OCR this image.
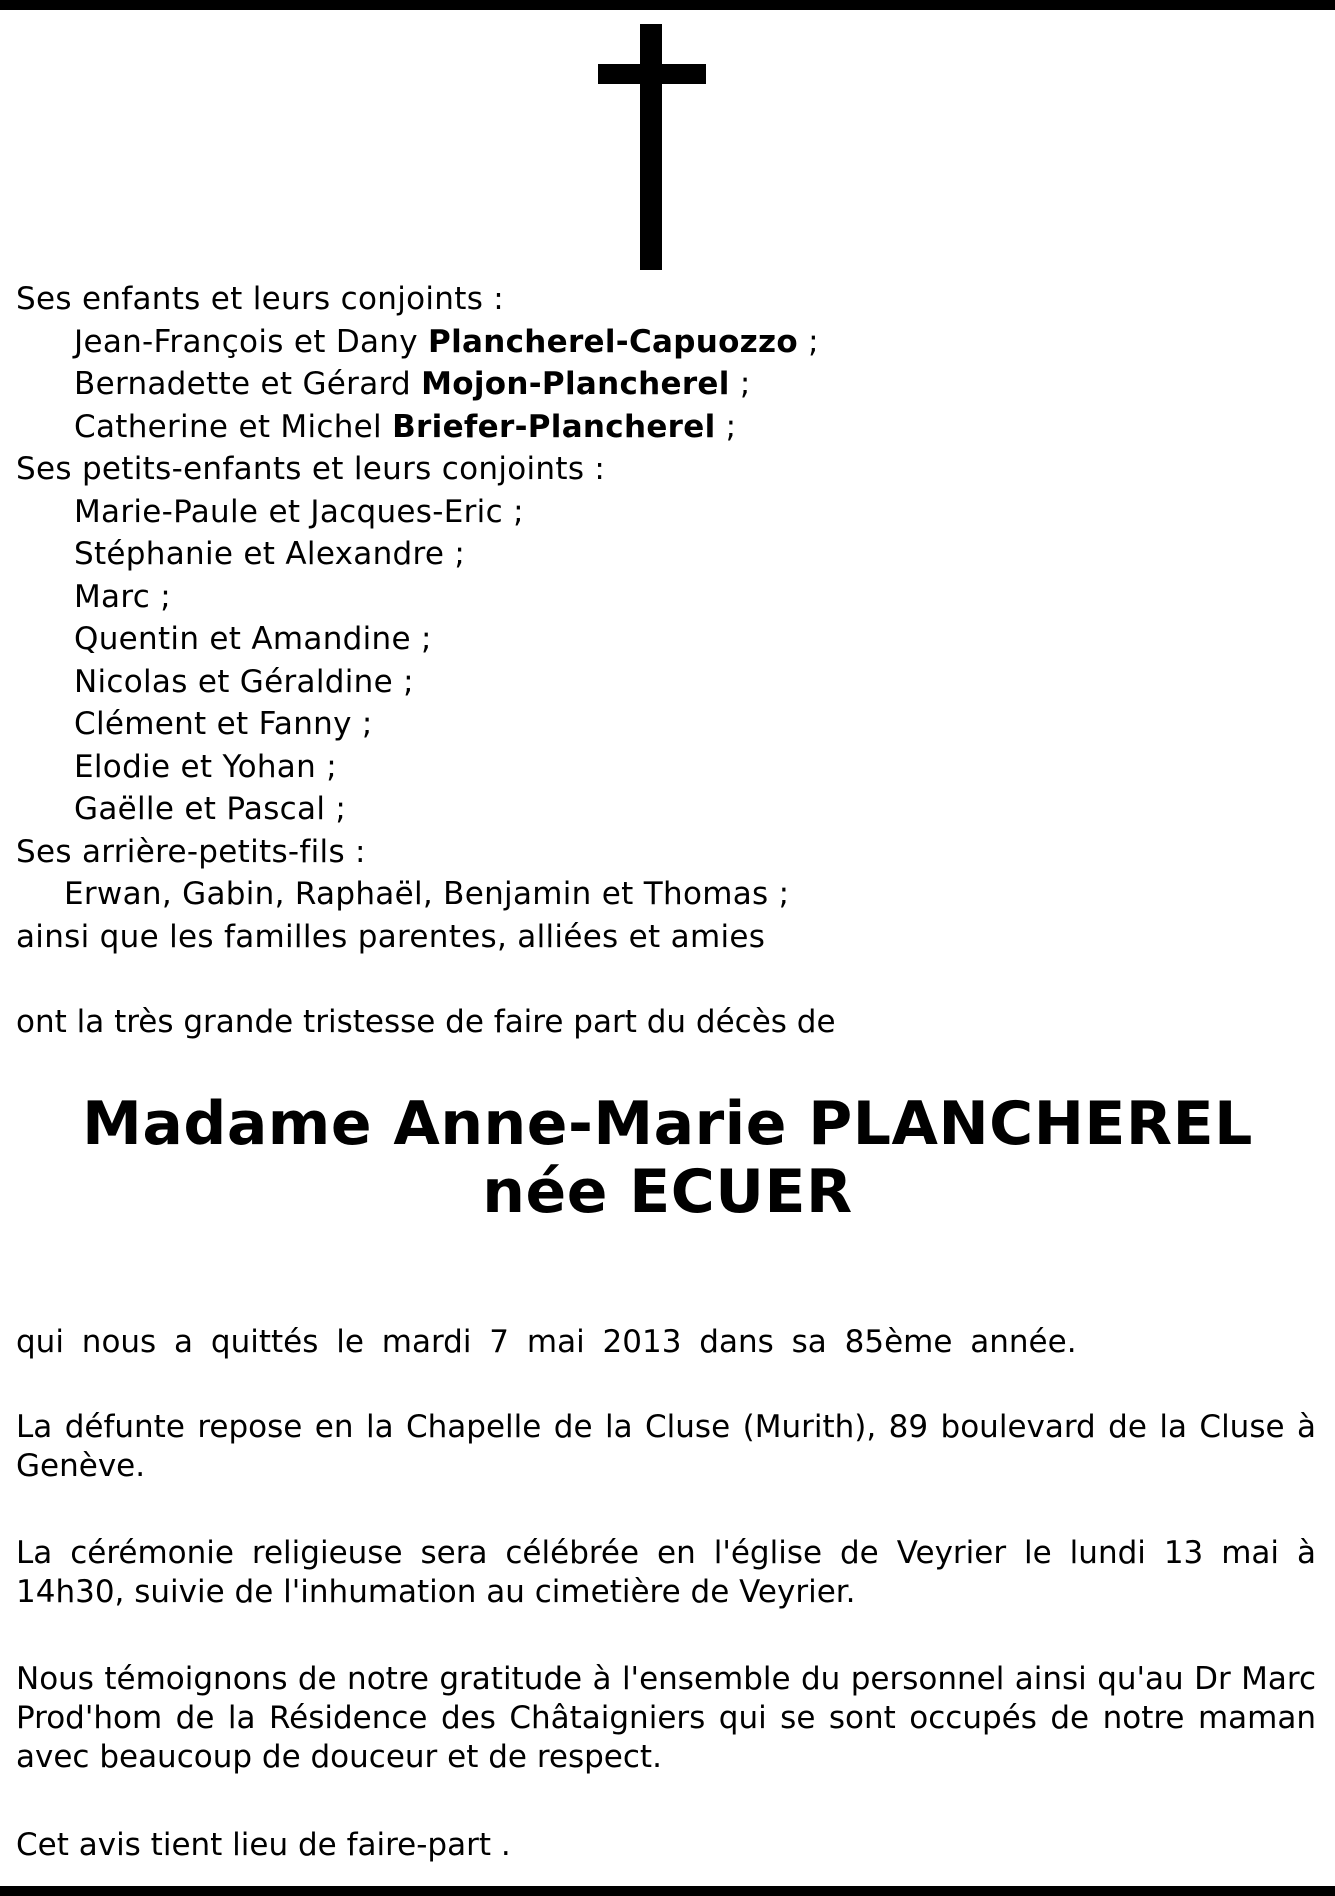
Ses enfants et leurs conjoints :
Jean-François et Dany Plancherel-Capuozzo ;
Bernadette et Gérard Mojon-Plancherel ;
Catherine et Michel Briefer-Plancherel ;
Ses petits-enfants et leurs conjoints :
Marie-Paule et Jacques-Eric ;
Stéphanie et Alexandre ;
Marc ;
Quentin et Amandine ;
Nicolas et Géraldine ;
Clément et Fanny ;
Elodie et Yohan ;
Gaëlle et Pascal ;
Ses arrière-petits-fils :
Erwan, Gabin, Raphaël, Benjamin et Thomas ;
ainsi que les familles parentes, alliées et amies
ont la très grande tristesse de faire part du décès de
Madame Anne-Marie PLANCHEREL
née ECUER
qui nous a quittés le mardi 7 mai 2013 dans sa 85ème année.
La défunte repose en la Chapelle de la Cluse (Murith), 89 boulevard de la Cluse à Genève.
La cérémonie religieuse sera célébrée en l'église de Veyrier le lundi 13 mai à 14h30, suivie de l'inhumation au cimetière de Veyrier.
Nous témoignons de notre gratitude à l'ensemble du personnel ainsi qu'au Dr Marc Prod'hom de la Résidence des Châtaigniers qui se sont occupés de notre maman avec beaucoup de douceur et de respect.
Cet avis tient lieu de faire-part .
